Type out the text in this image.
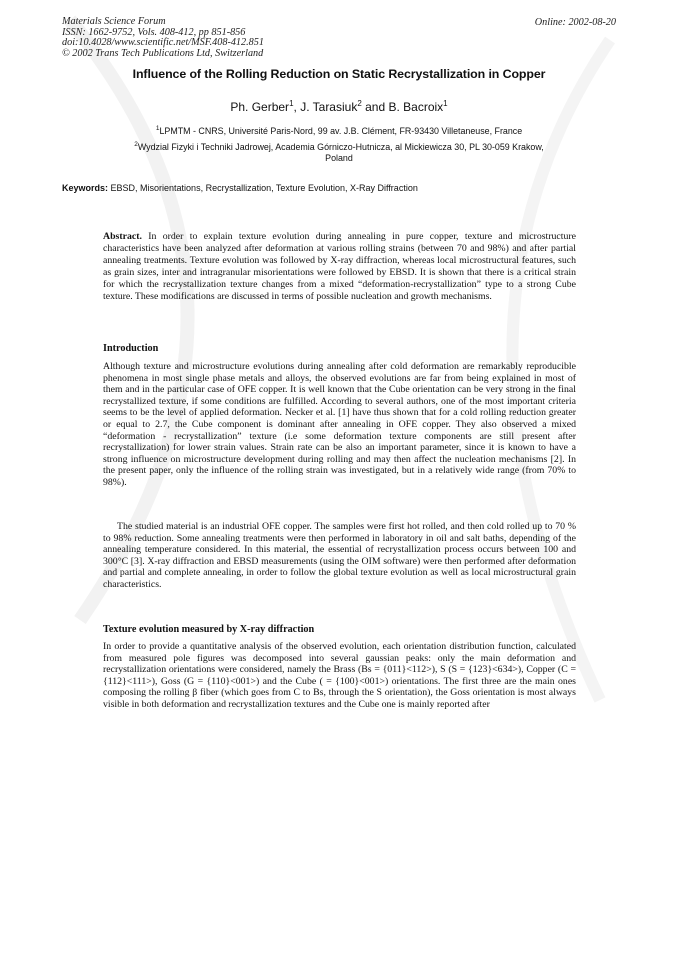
Materials Science Forum
ISSN: 1662-9752, Vols. 408-412, pp 851-856
doi:10.4028/www.scientific.net/MSF.408-412.851
© 2002 Trans Tech Publications Ltd, Switzerland
Online: 2002-08-20
Influence of the Rolling Reduction on Static Recrystallization in Copper
Ph. Gerber$^1$, J. Tarasiuk$^2$ and B. Bacroix$^1$
$^1$LPMTM - CNRS, Université Paris-Nord, 99 av. J.B. Clément, FR-93430 Villetaneuse, France
$^2$Wydzial Fizyki i Techniki Jadrowej, Academia Górniczo-Hutnicza, al Mickiewicza 30, PL 30-059 Krakow, Poland
Keywords: EBSD, Misorientations, Recrystallization, Texture Evolution, X-Ray Diffraction
Abstract. In order to explain texture evolution during annealing in pure copper, texture and microstructure characteristics have been analyzed after deformation at various rolling strains (between 70 and 98%) and after partial annealing treatments. Texture evolution was followed by X-ray diffraction, whereas local microstructural features, such as grain sizes, inter and intragranular misorientations were followed by EBSD. It is shown that there is a critical strain for which the recrystallization texture changes from a mixed “deformation-recrystallization” type to a strong Cube texture. These modifications are discussed in terms of possible nucleation and growth mechanisms.
Introduction

Although texture and microstructure evolutions during annealing after cold deformation are remarkably reproducible phenomena in most single phase metals and alloys, the observed evolutions are far from being explained in most of them and in the particular case of OFE copper. It is well known that the Cube orientation can be very strong in the final recrystallized texture, if some conditions are fulfilled. According to several authors, one of the most important criteria seems to be the level of applied deformation. Necker et al. [1] have thus shown that for a cold rolling reduction greater or equal to 2.7, the Cube component is dominant after annealing in OFE copper. They also observed a mixed “deformation - recrystallization” texture (i.e some deformation texture components are still present after recrystallization) for lower strain values. Strain rate can be also an important parameter, since it is known to have a strong influence on microstructure development during rolling and may then affect the nucleation mechanisms [2]. In the present paper, only the influence of the rolling strain was investigated, but in a relatively wide range (from 70% to 98%).

The studied material is an industrial OFE copper. The samples were first hot rolled, and then cold rolled up to 70 % to 98% reduction. Some annealing treatments were then performed in laboratory in oil and salt baths, depending of the annealing temperature considered. In this material, the essential of recrystallization process occurs between 100 and 300°C [3]. X-ray diffraction and EBSD measurements (using the OIM software) were then performed after deformation and partial and complete annealing, in order to follow the global texture evolution as well as local microstructural grain characteristics.

Texture evolution measured by X-ray diffraction

In order to provide a quantitative analysis of the observed evolution, each orientation distribution function, calculated from measured pole figures was decomposed into several gaussian peaks: only the main deformation and recrystallization orientations were considered, namely the Brass (Bs = {011}<112>), S (S = {123}<634>), Copper (C = {112}<111>), Goss (G = {110}<001>) and the Cube ( = {100}<001>) orientations. The first three are the main ones composing the rolling β fiber (which goes from C to Bs, through the S orientation), the Goss orientation is most always visible in both deformation and recrystallization textures and the Cube one is mainly reported after
